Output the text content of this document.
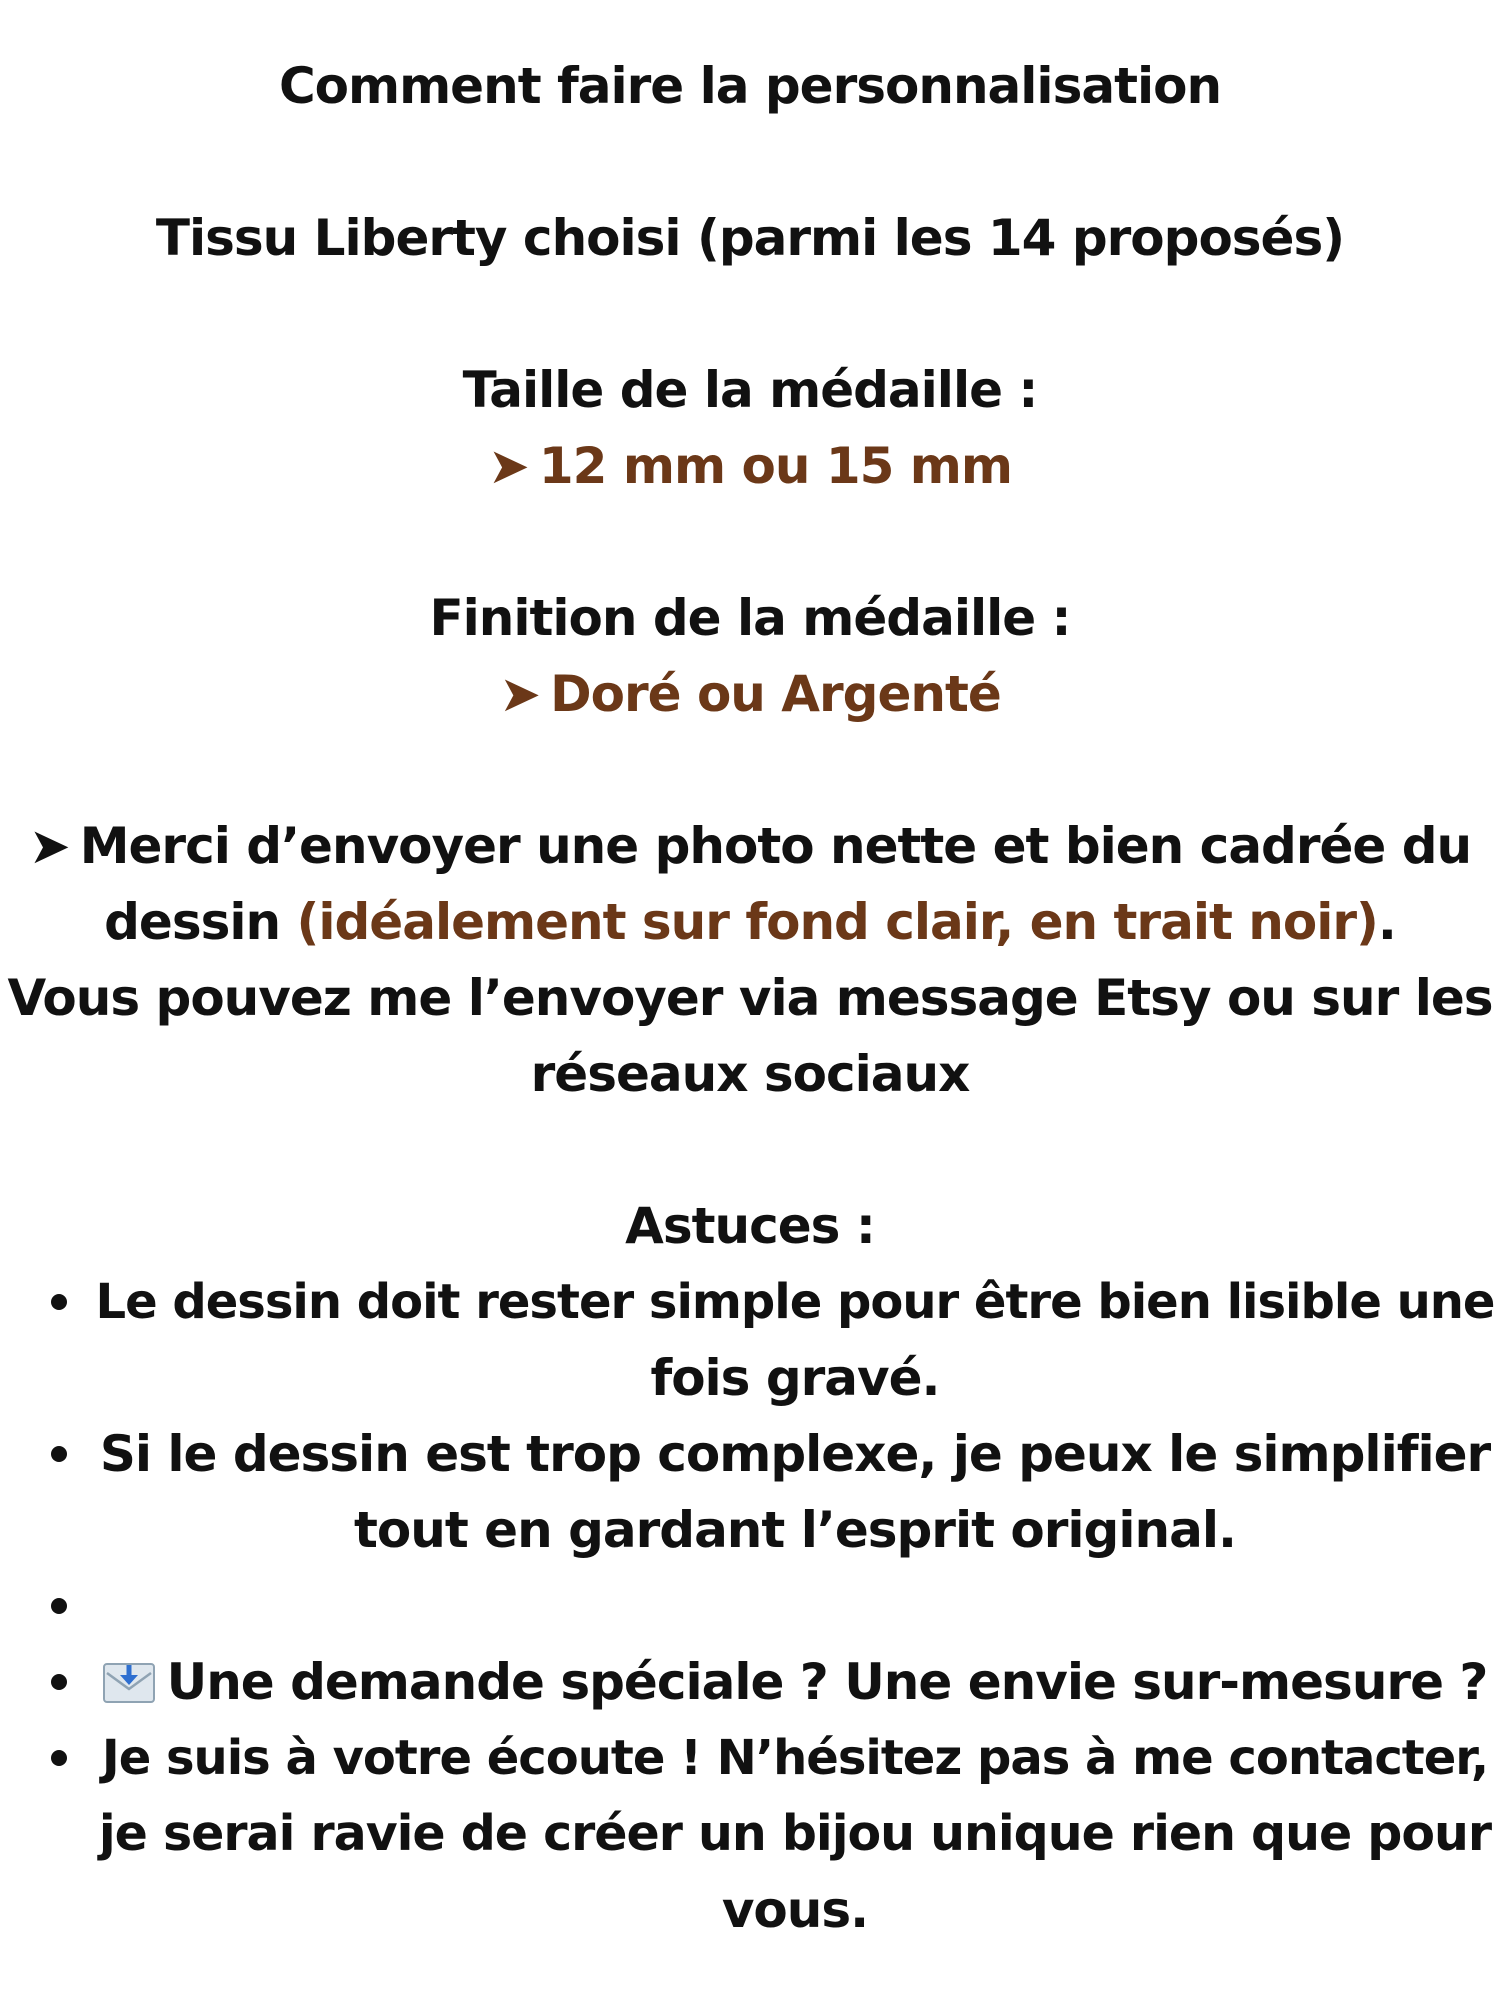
Comment faire la personnalisation
Tissu Liberty choisi (parmi les 14 proposés)
Taille de la médaille :
➤ 12 mm ou 15 mm
Finition de la médaille :
➤ Doré ou Argenté
➤ Merci d’envoyer une photo nette et bien cadrée du
dessin (idéalement sur fond clair, en trait noir).
Vous pouvez me l’envoyer via message Etsy ou sur les
réseaux sociaux
Astuces :
Le dessin doit rester simple pour être bien lisible une
fois gravé.
Si le dessin est trop complexe, je peux le simplifier
tout en gardant l’esprit original.
Une demande spéciale ? Une envie sur-mesure ?
Je suis à votre écoute ! N’hésitez pas à me contacter,
je serai ravie de créer un bijou unique rien que pour
vous.
